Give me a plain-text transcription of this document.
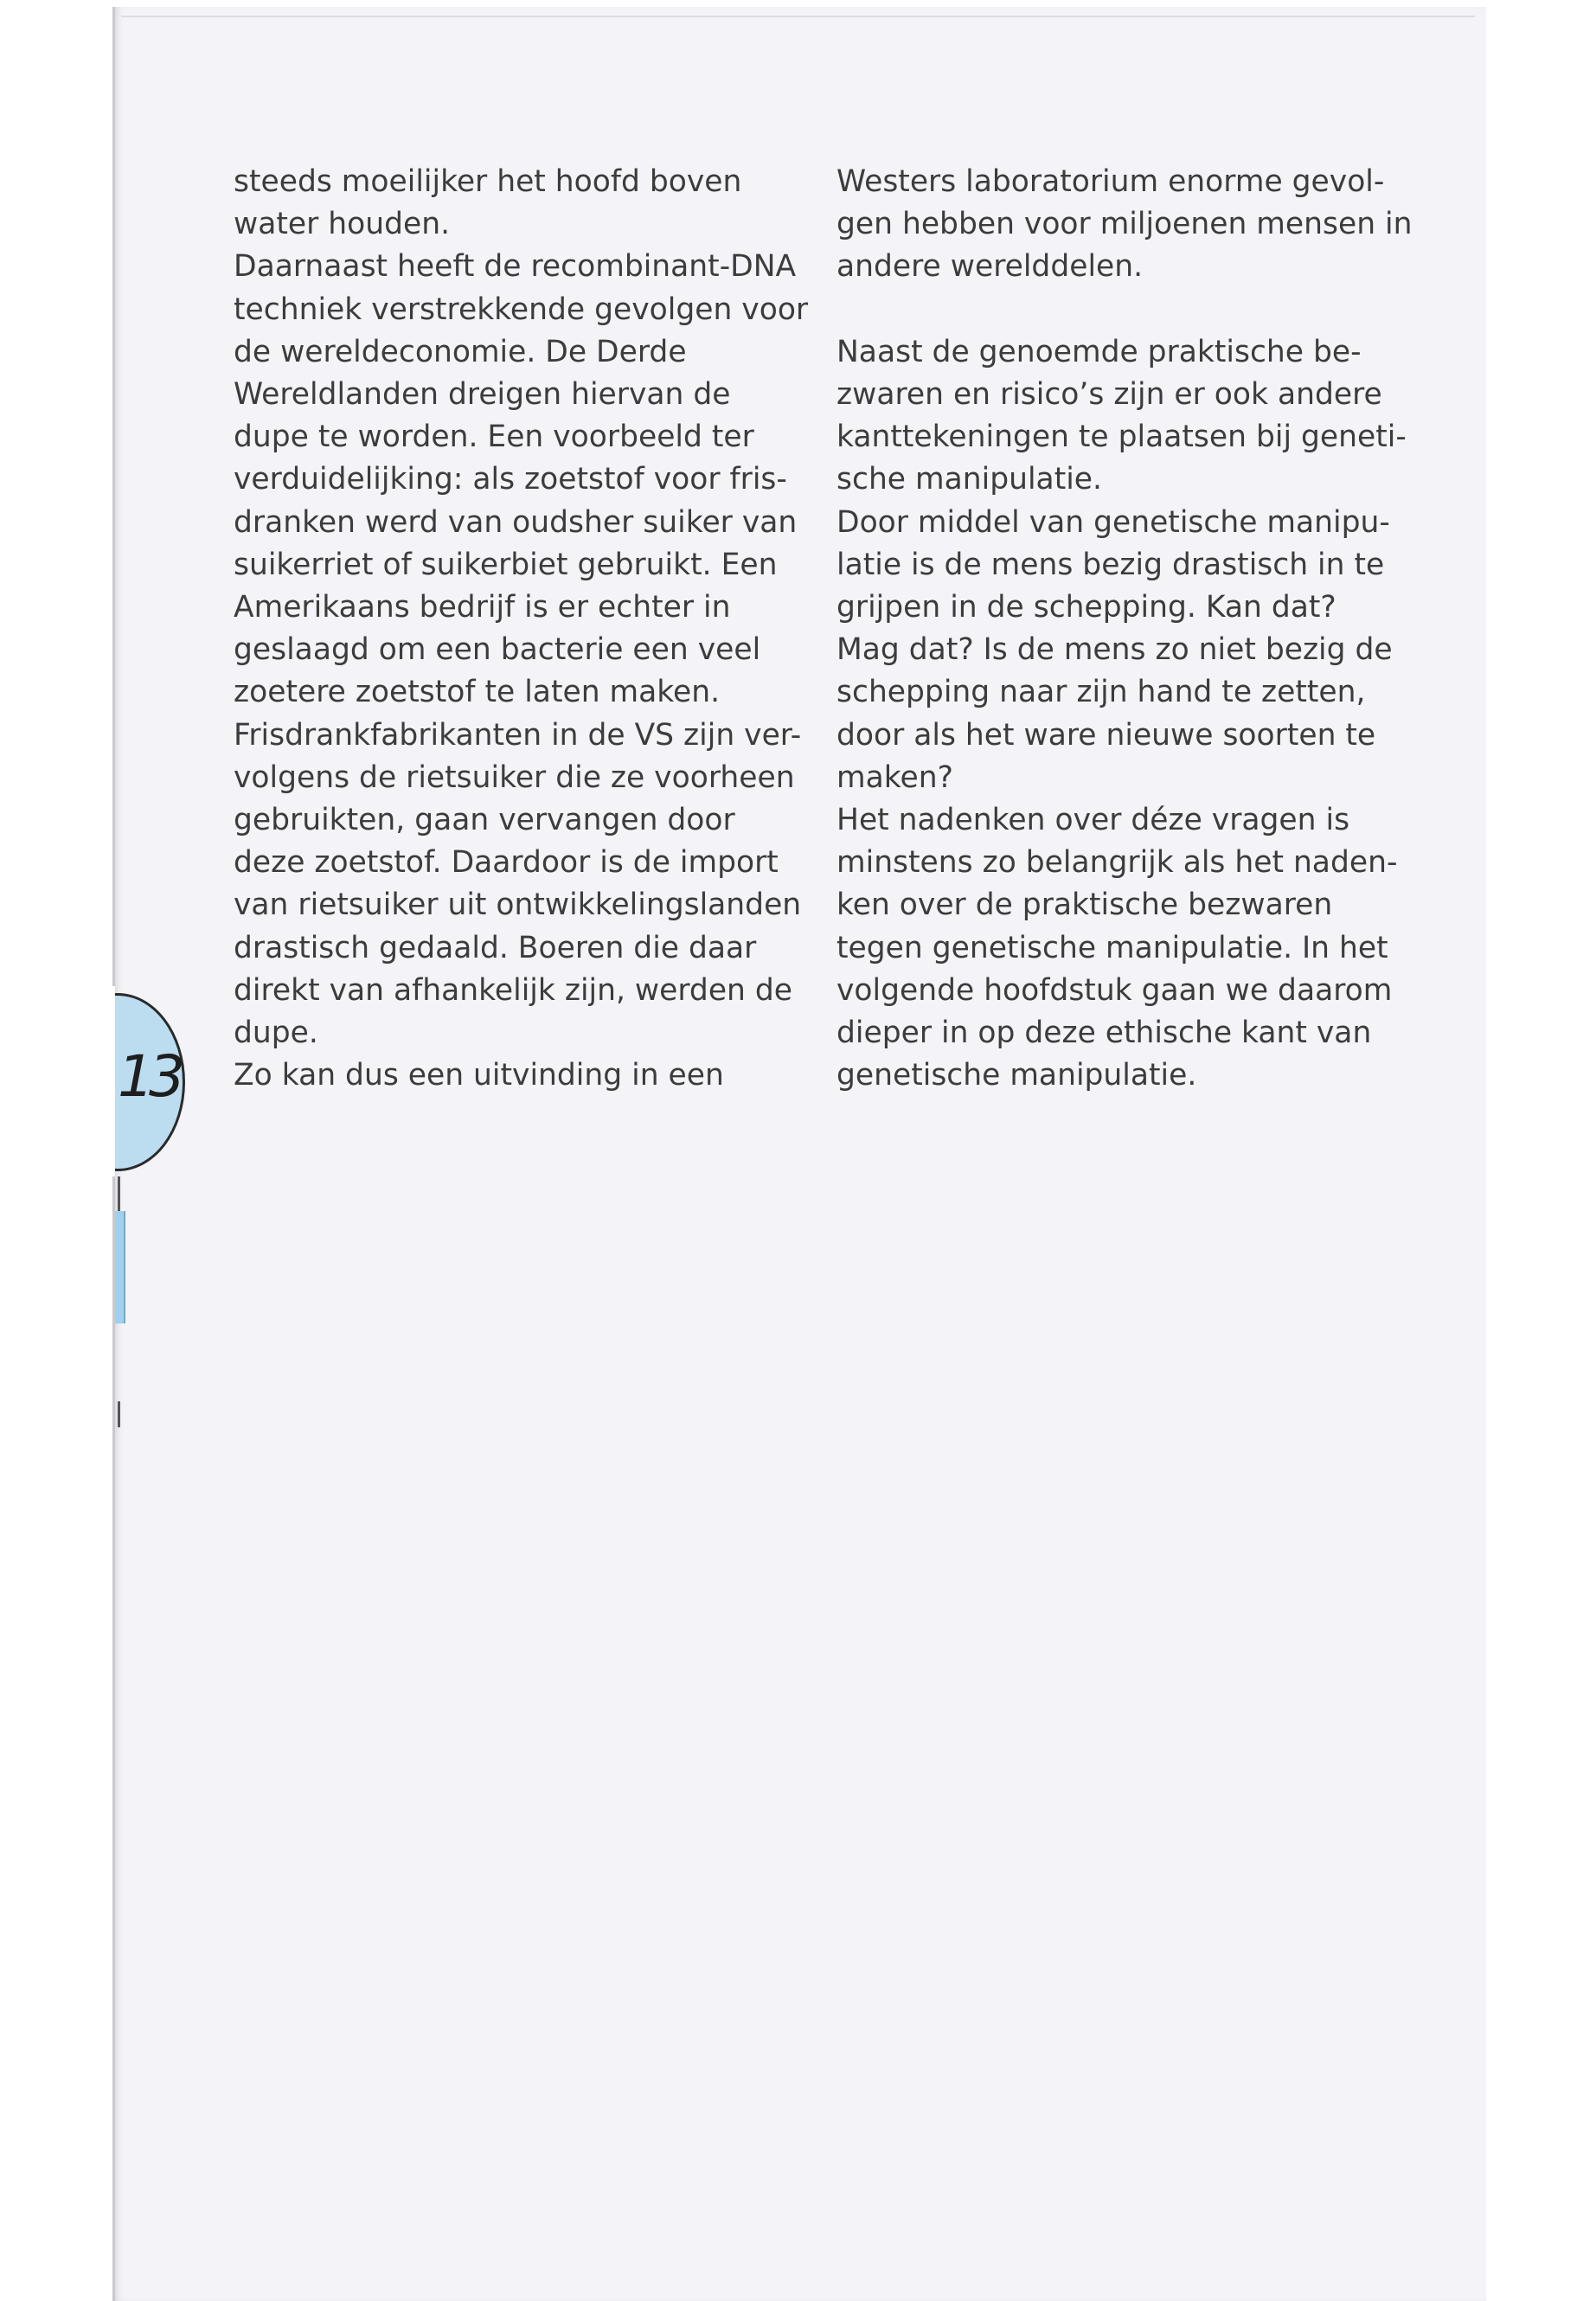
13
steeds moeilijker het hoofd boven
water houden.
Daarnaast heeft de recombinant-DNA
techniek verstrekkende gevolgen voor
de wereldeconomie. De Derde
Wereldlanden dreigen hiervan de
dupe te worden. Een voorbeeld ter
verduidelijking: als zoetstof voor fris-
dranken werd van oudsher suiker van
suikerriet of suikerbiet gebruikt. Een
Amerikaans bedrijf is er echter in
geslaagd om een bacterie een veel
zoetere zoetstof te laten maken.
Frisdrankfabrikanten in de VS zijn ver-
volgens de rietsuiker die ze voorheen
gebruikten, gaan vervangen door
deze zoetstof. Daardoor is de import
van rietsuiker uit ontwikkelingslanden
drastisch gedaald. Boeren die daar
direkt van afhankelijk zijn, werden de
dupe.
Zo kan dus een uitvinding in een
Westers laboratorium enorme gevol-
gen hebben voor miljoenen mensen in
andere werelddelen.
Naast de genoemde praktische be-
zwaren en risico’s zijn er ook andere
kanttekeningen te plaatsen bij geneti-
sche manipulatie.
Door middel van genetische manipu-
latie is de mens bezig drastisch in te
grijpen in de schepping. Kan dat?
Mag dat? Is de mens zo niet bezig de
schepping naar zijn hand te zetten,
door als het ware nieuwe soorten te
maken?
Het nadenken over déze vragen is
minstens zo belangrijk als het naden-
ken over de praktische bezwaren
tegen genetische manipulatie. In het
volgende hoofdstuk gaan we daarom
dieper in op deze ethische kant van
genetische manipulatie.
